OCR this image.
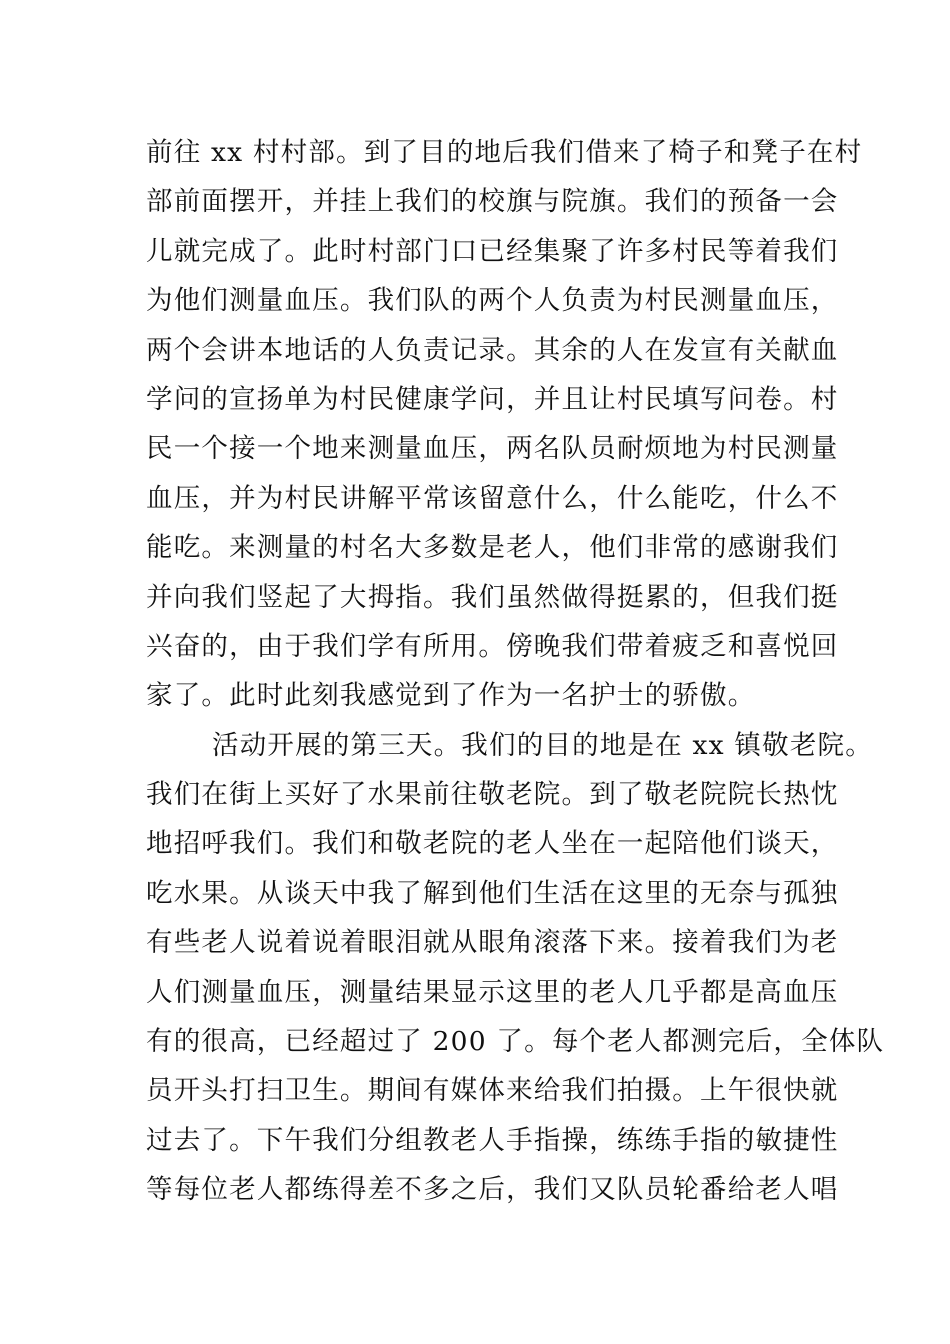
前往 xx 村村部。到了目的地后我们借来了椅子和凳子在村
部前面摆开，并挂上我们的校旗与院旗。我们的预备一会
儿就完成了。此时村部门口已经集聚了许多村民等着我们
为他们测量血压。我们队的两个人负责为村民测量血压，
两个会讲本地话的人负责记录。其余的人在发宣有关献血
学问的宣扬单为村民健康学问，并且让村民填写问卷。村
民一个接一个地来测量血压，两名队员耐烦地为村民测量
血压，并为村民讲解平常该留意什么，什么能吃，什么不
能吃。来测量的村名大多数是老人，他们非常的感谢我们
并向我们竖起了大拇指。我们虽然做得挺累的，但我们挺
兴奋的，由于我们学有所用。傍晚我们带着疲乏和喜悦回
家了。此时此刻我感觉到了作为一名护士的骄傲。
活动开展的第三天。我们的目的地是在 xx 镇敬老院。
我们在街上买好了水果前往敬老院。到了敬老院院长热忱
地招呼我们。我们和敬老院的老人坐在一起陪他们谈天，
吃水果。从谈天中我了解到他们生活在这里的无奈与孤独
有些老人说着说着眼泪就从眼角滚落下来。接着我们为老
人们测量血压，测量结果显示这里的老人几乎都是高血压
有的很高，已经超过了 200 了。每个老人都测完后，全体队
员开头打扫卫生。期间有媒体来给我们拍摄。上午很快就
过去了。下午我们分组教老人手指操，练练手指的敏捷性
等每位老人都练得差不多之后，我们又队员轮番给老人唱
